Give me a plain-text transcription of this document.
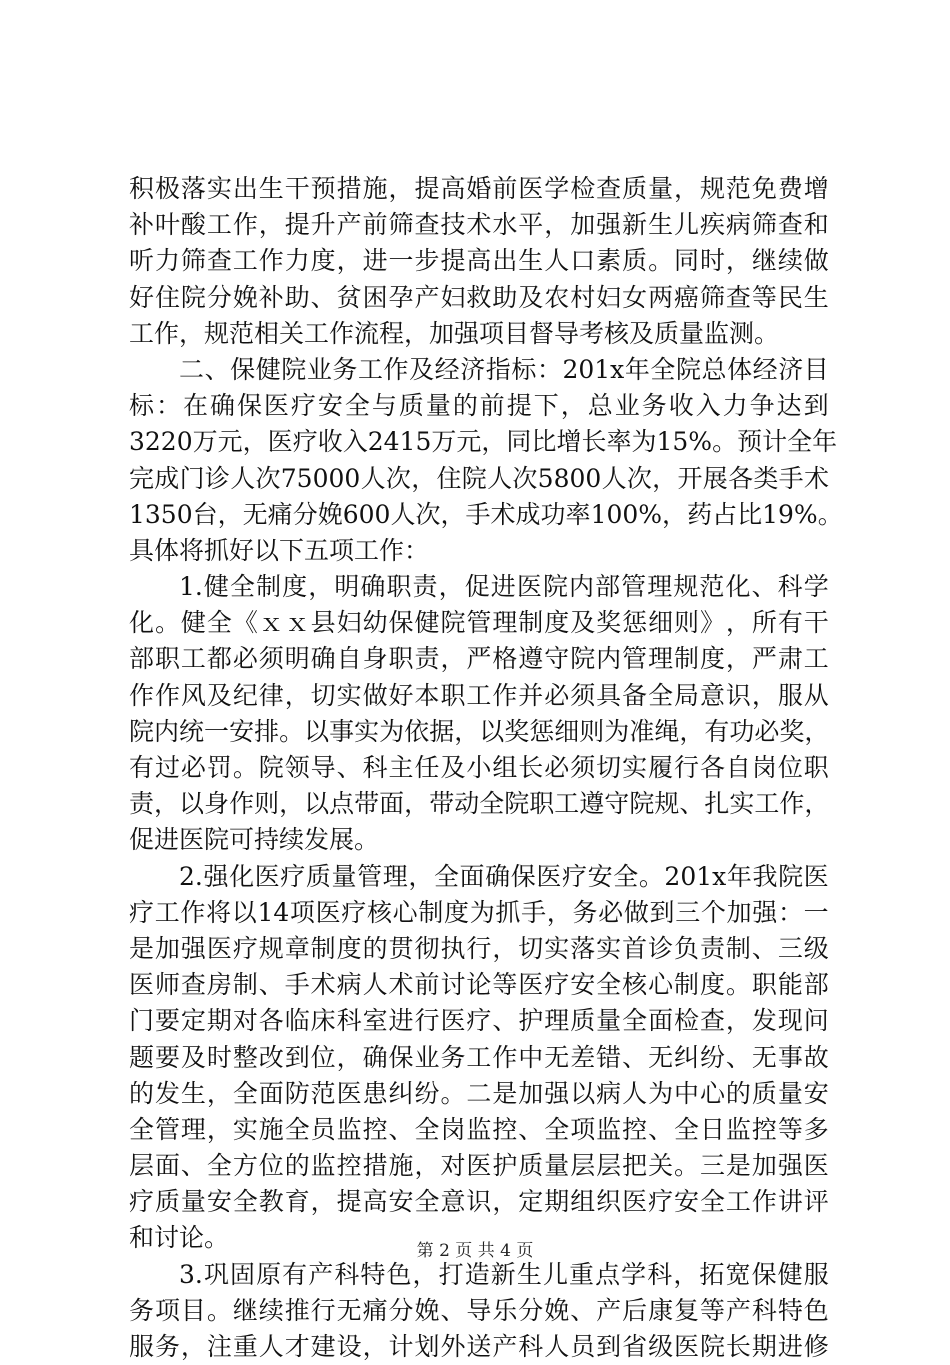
积 极 落 实 出 生 干 预 措 施 ， 提 高 婚 前 医 学 检 查 质 量 ， 规 范 免 费 增
补 叶 酸 工 作 ， 提 升 产 前 筛 查 技 术 水 平 ， 加 强 新 生 儿 疾 病 筛 查 和
听 力 筛 查 工 作 力 度 ， 进 一 步 提 高 出 生 人 口 素 质 。 同 时 ， 继 续 做
好 住 院 分 娩 补 助 、 贫 困 孕 产 妇 救 助 及 农 村 妇 女 两 癌 筛 查 等 民 生
工作，规范相关工作流程，加强项目督导考核及质量监测。
二 、 保 健 院 业 务 工 作 及 经 济 指 标 ： 201x 年 全 院 总 体 经 济 目
标 ： 在 确 保 医 疗 安 全 与 质 量 的 前 提 下 ， 总 业 务 收 入 力 争 达 到
3220 万 元 ， 医 疗 收 入 2415 万 元 ， 同 比 增 长 率 为 15% 。 预 计 全 年
完 成 门 诊 人 次 75000 人 次 ， 住 院 人 次 5800 人 次 ， 开 展 各 类 手 术
1350 台 ， 无 痛 分 娩 600 人 次 ， 手 术 成 功 率 100% ， 药 占 比 19% 。
具体将抓好以下五项工作：
1. 健 全 制 度 ， 明 确 职 责 ， 促 进 医 院 内 部 管 理 规 范 化 、 科 学
化 。 健 全 《 ｘ ｘ 县 妇 幼 保 健 院 管 理 制 度 及 奖 惩 细 则 》 ， 所 有 干
部 职 工 都 必 须 明 确 自 身 职 责 ， 严 格 遵 守 院 内 管 理 制 度 ， 严 肃 工
作 作 风 及 纪 律 ， 切 实 做 好 本 职 工 作 并 必 须 具 备 全 局 意 识 ， 服 从
院 内 统 一 安 排 。 以 事 实 为 依 据 ， 以 奖 惩 细 则 为 准 绳 ， 有 功 必 奖 ，
有 过 必 罚 。 院 领 导 、 科 主 任 及 小 组 长 必 须 切 实 履 行 各 自 岗 位 职
责 ， 以 身 作 则 ， 以 点 带 面 ， 带 动 全 院 职 工 遵 守 院 规 、 扎 实 工 作 ，
促进医院可持续发展。
2. 强 化 医 疗 质 量 管 理 ， 全 面 确 保 医 疗 安 全 。 201x 年 我 院 医
疗 工 作 将 以 14 项 医 疗 核 心 制 度 为 抓 手 ， 务 必 做 到 三 个 加 强 ： 一
是 加 强 医 疗 规 章 制 度 的 贯 彻 执 行 ， 切 实 落 实 首 诊 负 责 制 、 三 级
医 师 查 房 制 、 手 术 病 人 术 前 讨 论 等 医 疗 安 全 核 心 制 度 。 职 能 部
门 要 定 期 对 各 临 床 科 室 进 行 医 疗 、 护 理 质 量 全 面 检 查 ， 发 现 问
题 要 及 时 整 改 到 位 ， 确 保 业 务 工 作 中 无 差 错 、 无 纠 纷 、 无 事 故
的 发 生 ， 全 面 防 范 医 患 纠 纷 。 二 是 加 强 以 病 人 为 中 心 的 质 量 安
全 管 理 ， 实 施 全 员 监 控 、 全 岗 监 控 、 全 项 监 控 、 全 日 监 控 等 多
层 面 、 全 方 位 的 监 控 措 施 ， 对 医 护 质 量 层 层 把 关 。 三 是 加 强 医
疗 质 量 安 全 教 育 ， 提 高 安 全 意 识 ， 定 期 组 织 医 疗 安 全 工 作 讲 评
和讨论。
3. 巩 固 原 有 产 科 特 色 ， 打 造 新 生 儿 重 点 学 科 ， 拓 宽 保 健 服
务 项 目 。 继 续 推 行 无 痛 分 娩 、 导 乐 分 娩 、 产 后 康 复 等 产 科 特 色
服 务 ， 注 重 人 才 建 设 ， 计 划 外 送 产 科 人 员 到 省 级 医 院 长 期 进 修
第 2 页 共 4 页
